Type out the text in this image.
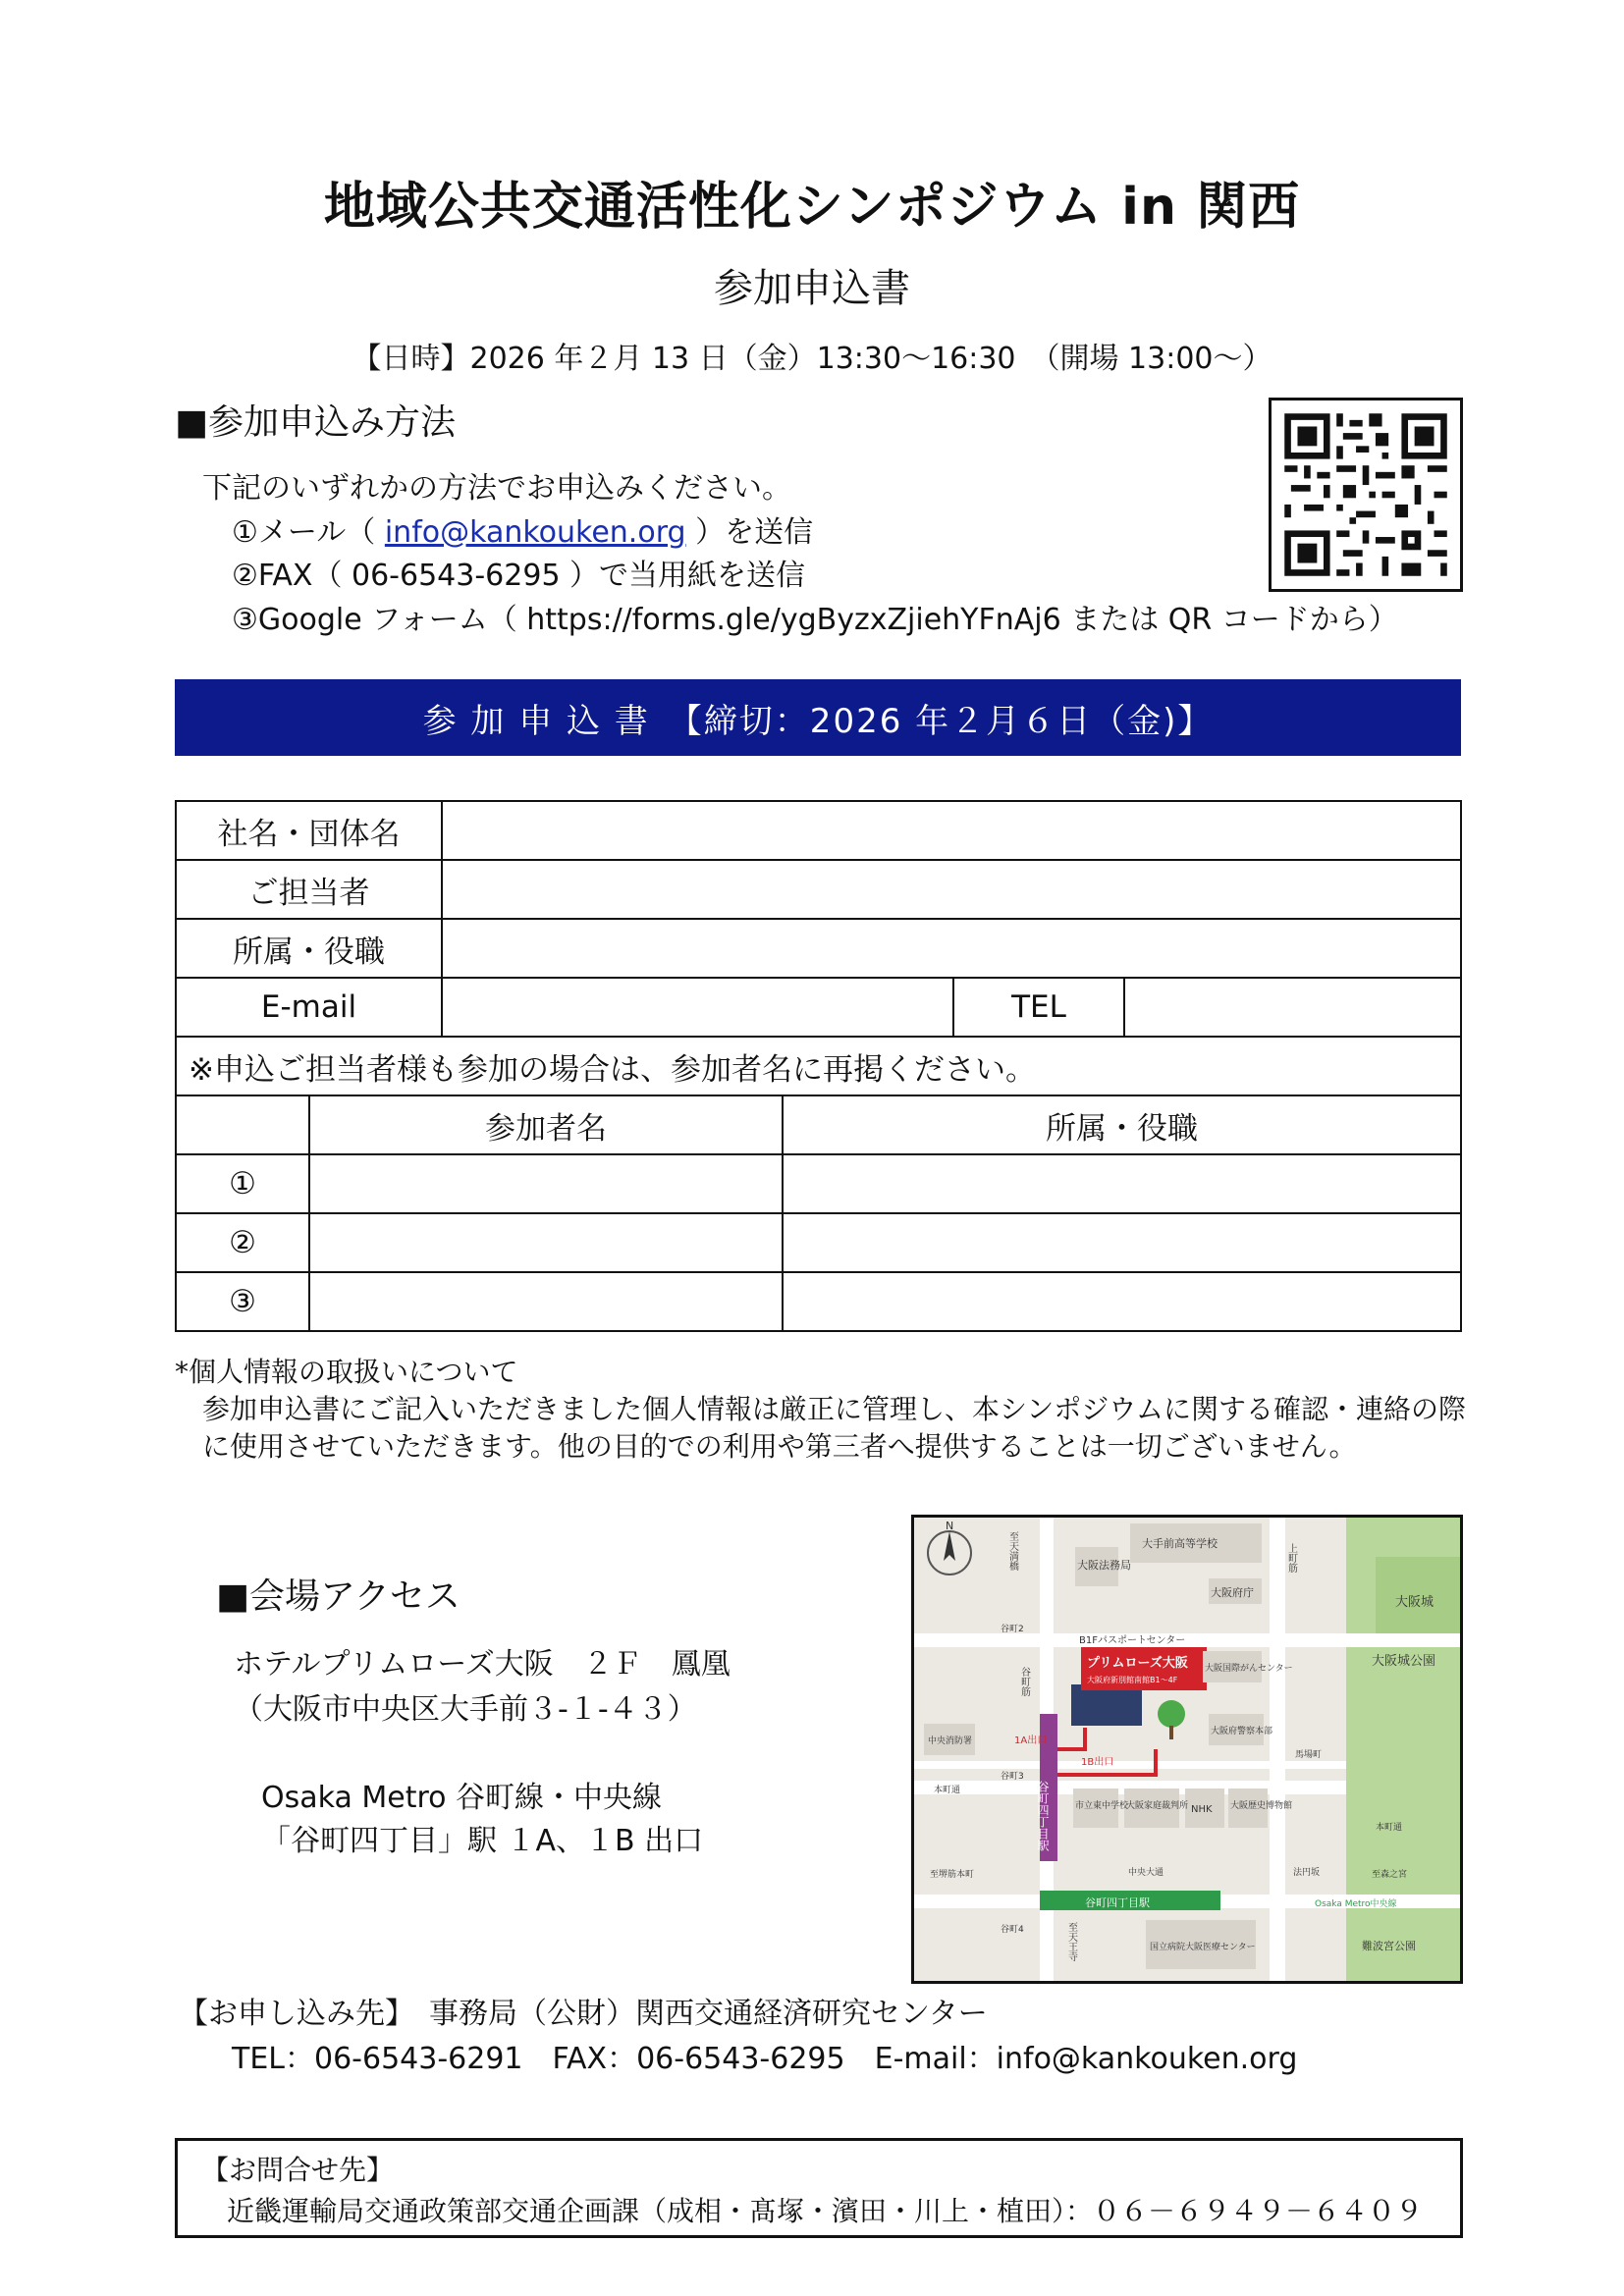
地域公共交通活性化シンポジウム in 関西
参加申込書
【日時】2026 年２月 13 日（金）13:30～16:30　（開場 13:00～）
■参加申込み方法
下記のいずれかの方法でお申込みください。
①メール（ info@kankouken.org ）を送信
②FAX（ 06-6543-6295 ）で当用紙を送信
③Google フォーム（ https://forms.gle/ygByzxZjiehYFnAj6 または QR コードから）
参 加 申 込 書　【締切：2026 年２月６日（金)】
社名・団体名					
ご担当者					
所属・役職					
E-mail				TEL	
※申込ご担当者様も参加の場合は、参加者名に再掲ください。					
	参加者名		所属・役職		
①					
②					
③					
*個人情報の取扱いについて
参加申込書にご記入いただきました個人情報は厳正に管理し、本シンポジウムに関する確認・連絡の際
に使用させていただきます。他の目的での利用や第三者へ提供することは一切ございません。
■会場アクセス
ホテルプリムローズ大阪　２Ｆ　鳳凰
（大阪市中央区大手前３-１-４３）
Osaka Metro 谷町線・中央線
「谷町四丁目」駅 １A、１B 出口
N
大手前高等学校
大阪法務局
大阪府庁
大阪城
大阪城公園
B1Fパスポートセンター
プリムローズ大阪
大阪府新別館南館B1～4F
大阪国際がんセンター
大阪府警察本部
1A出口
1B出口
中央消防署
谷町2
谷町3
谷町4
市立東中学校
大阪家庭裁判所 NHK 大阪歴史博物館
馬場町
本町通
本町通
中央大通	法円坂
谷町四丁目駅	Osaka Metro中央線
国立病院大阪医療センター	難波宮公園
至堺筋本町	至森之宮
至天満橋
至天王寺
谷町筋
上町筋
谷町四丁目駅
【お申し込み先】　事務局（公財）関西交通経済研究センター
TEL：06-6543-6291　FAX：06-6543-6295　E-mail：info@kankouken.org
【お問合せ先】
近畿運輸局交通政策部交通企画課（成相・髙塚・濱田・川上・植田）：０６－６９４９－６４０９
